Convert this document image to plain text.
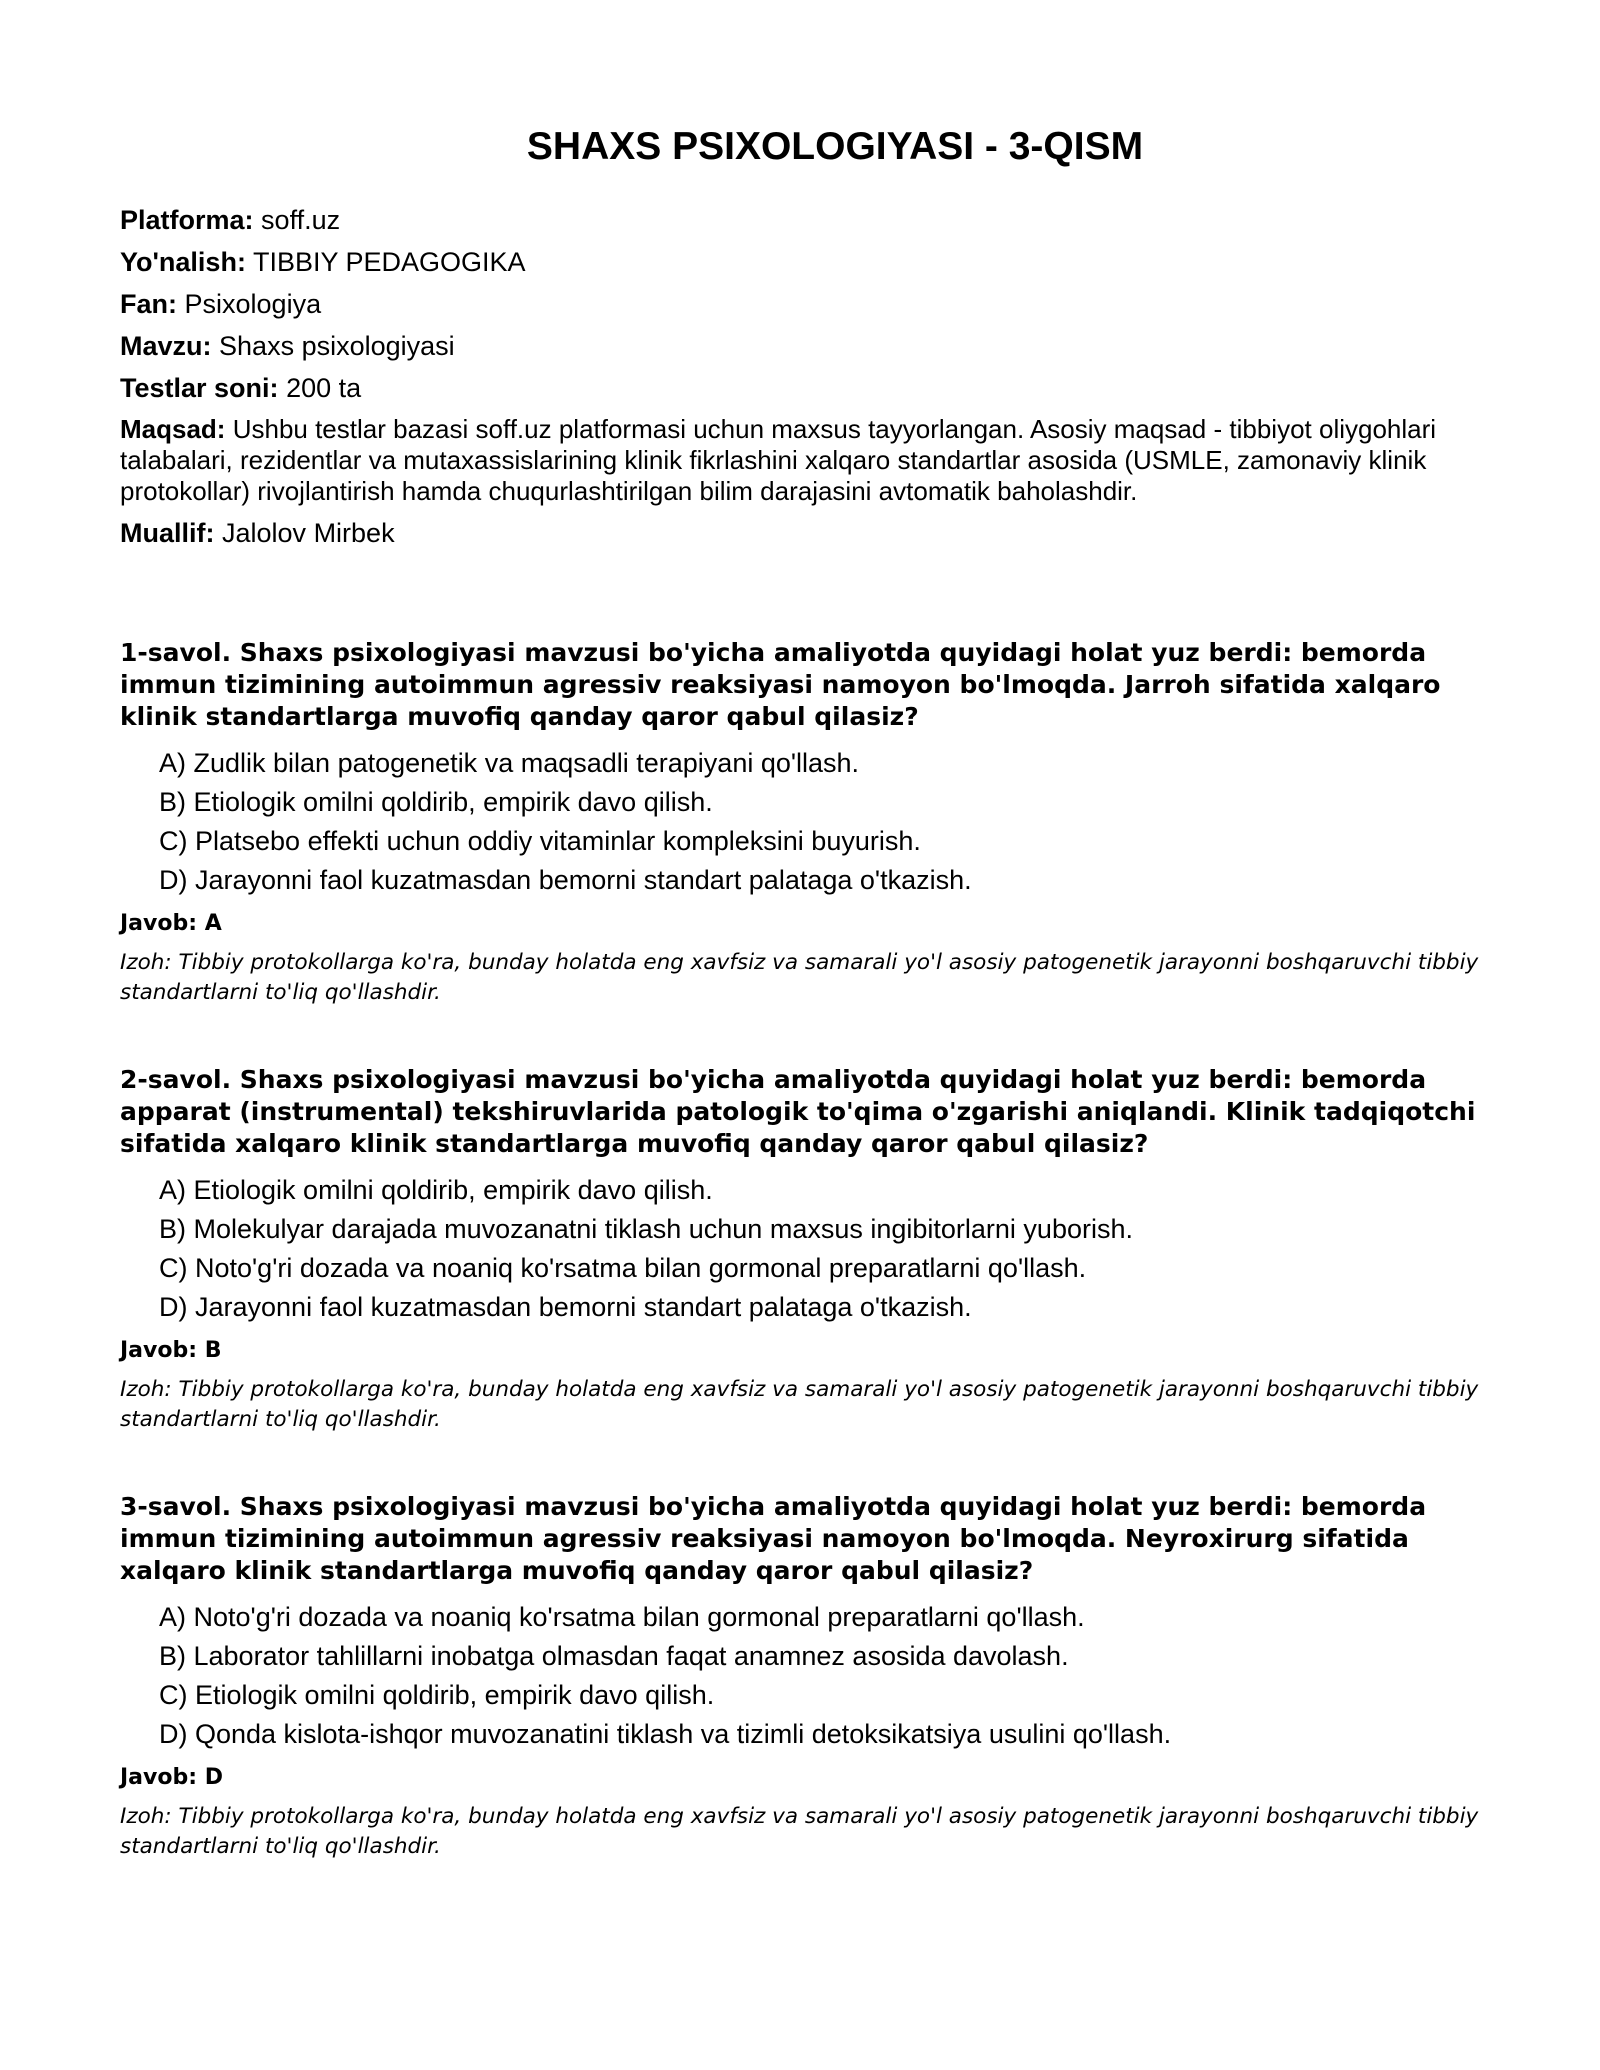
SHAXS PSIXOLOGIYASI - 3-QISM
Platforma: soff.uz
Yo'nalish: TIBBIY PEDAGOGIKA
Fan: Psixologiya
Mavzu: Shaxs psixologiyasi
Testlar soni: 200 ta
Maqsad: Ushbu testlar bazasi soff.uz platformasi uchun maxsus tayyorlangan. Asosiy maqsad - tibbiyot oliygohlari talabalari, rezidentlar va mutaxassislarining klinik fikrlashini xalqaro standartlar asosida (USMLE, zamonaviy klinik protokollar) rivojlantirish hamda chuqurlashtirilgan bilim darajasini avtomatik baholashdir.
Muallif: Jalolov Mirbek

1-savol. Shaxs psixologiyasi mavzusi bo'yicha amaliyotda quyidagi holat yuz berdi: bemorda immun tizimining autoimmun agressiv reaksiyasi namoyon bo'lmoqda. Jarroh sifatida xalqaro klinik standartlarga muvofiq qanday qaror qabul qilasiz?

A) Zudlik bilan patogenetik va maqsadli terapiyani qo'llash.
B) Etiologik omilni qoldirib, empirik davo qilish.
C) Platsebo effekti uchun oddiy vitaminlar kompleksini buyurish.
D) Jarayonni faol kuzatmasdan bemorni standart palataga o'tkazish.
Javob: A
Izoh: Tibbiy protokollarga ko'ra, bunday holatda eng xavfsiz va samarali yo'l asosiy patogenetik jarayonni boshqaruvchi tibbiy standartlarni to'liq qo'llashdir.

2-savol. Shaxs psixologiyasi mavzusi bo'yicha amaliyotda quyidagi holat yuz berdi: bemorda apparat (instrumental) tekshiruvlarida patologik to'qima o'zgarishi aniqlandi. Klinik tadqiqotchi sifatida xalqaro klinik standartlarga muvofiq qanday qaror qabul qilasiz?

A) Etiologik omilni qoldirib, empirik davo qilish.
B) Molekulyar darajada muvozanatni tiklash uchun maxsus ingibitorlarni yuborish.
C) Noto'g'ri dozada va noaniq ko'rsatma bilan gormonal preparatlarni qo'llash.
D) Jarayonni faol kuzatmasdan bemorni standart palataga o'tkazish.
Javob: B
Izoh: Tibbiy protokollarga ko'ra, bunday holatda eng xavfsiz va samarali yo'l asosiy patogenetik jarayonni boshqaruvchi tibbiy standartlarni to'liq qo'llashdir.

3-savol. Shaxs psixologiyasi mavzusi bo'yicha amaliyotda quyidagi holat yuz berdi: bemorda immun tizimining autoimmun agressiv reaksiyasi namoyon bo'lmoqda. Neyroxirurg sifatida xalqaro klinik standartlarga muvofiq qanday qaror qabul qilasiz?

A) Noto'g'ri dozada va noaniq ko'rsatma bilan gormonal preparatlarni qo'llash.
B) Laborator tahlillarni inobatga olmasdan faqat anamnez asosida davolash.
C) Etiologik omilni qoldirib, empirik davo qilish.
D) Qonda kislota-ishqor muvozanatini tiklash va tizimli detoksikatsiya usulini qo'llash.
Javob: D
Izoh: Tibbiy protokollarga ko'ra, bunday holatda eng xavfsiz va samarali yo'l asosiy patogenetik jarayonni boshqaruvchi tibbiy standartlarni to'liq qo'llashdir.
